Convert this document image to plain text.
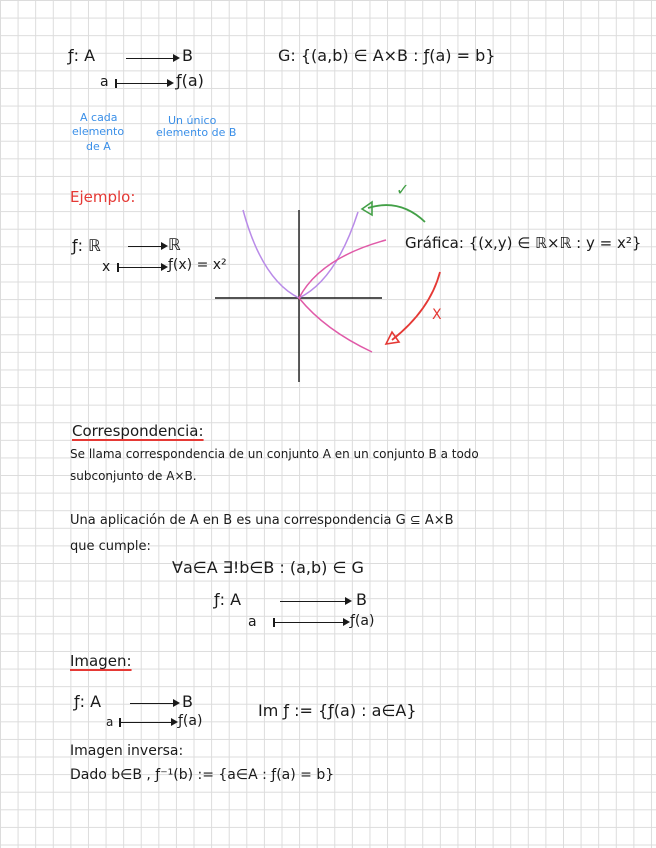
ƒ: A	B
a	ƒ(a)
G: {(a,b) ∈ A×B : ƒ(a) = b}
A cada
elemento
de A
Un único
elemento de B
Ejemplo:
ƒ: ℝ	ℝ
x	ƒ(x) = x²
Gráfica: {(x,y) ∈ ℝ×ℝ : y = x²}
✓
X
Correspondencia:
Se llama correspondencia de un conjunto A en un conjunto B a todo
subconjunto de A×B.
Una aplicación de A en B es una correspondencia G ⊆ A×B
que cumple:
∀a∈A ∃!b∈B : (a,b) ∈ G
ƒ: A	B
a	ƒ(a)
Imagen:
ƒ: A	B
a	ƒ(a)
Im ƒ := {ƒ(a) : a∈A}
Imagen inversa:
Dado b∈B , ƒ⁻¹(b) := {a∈A : ƒ(a) = b}
